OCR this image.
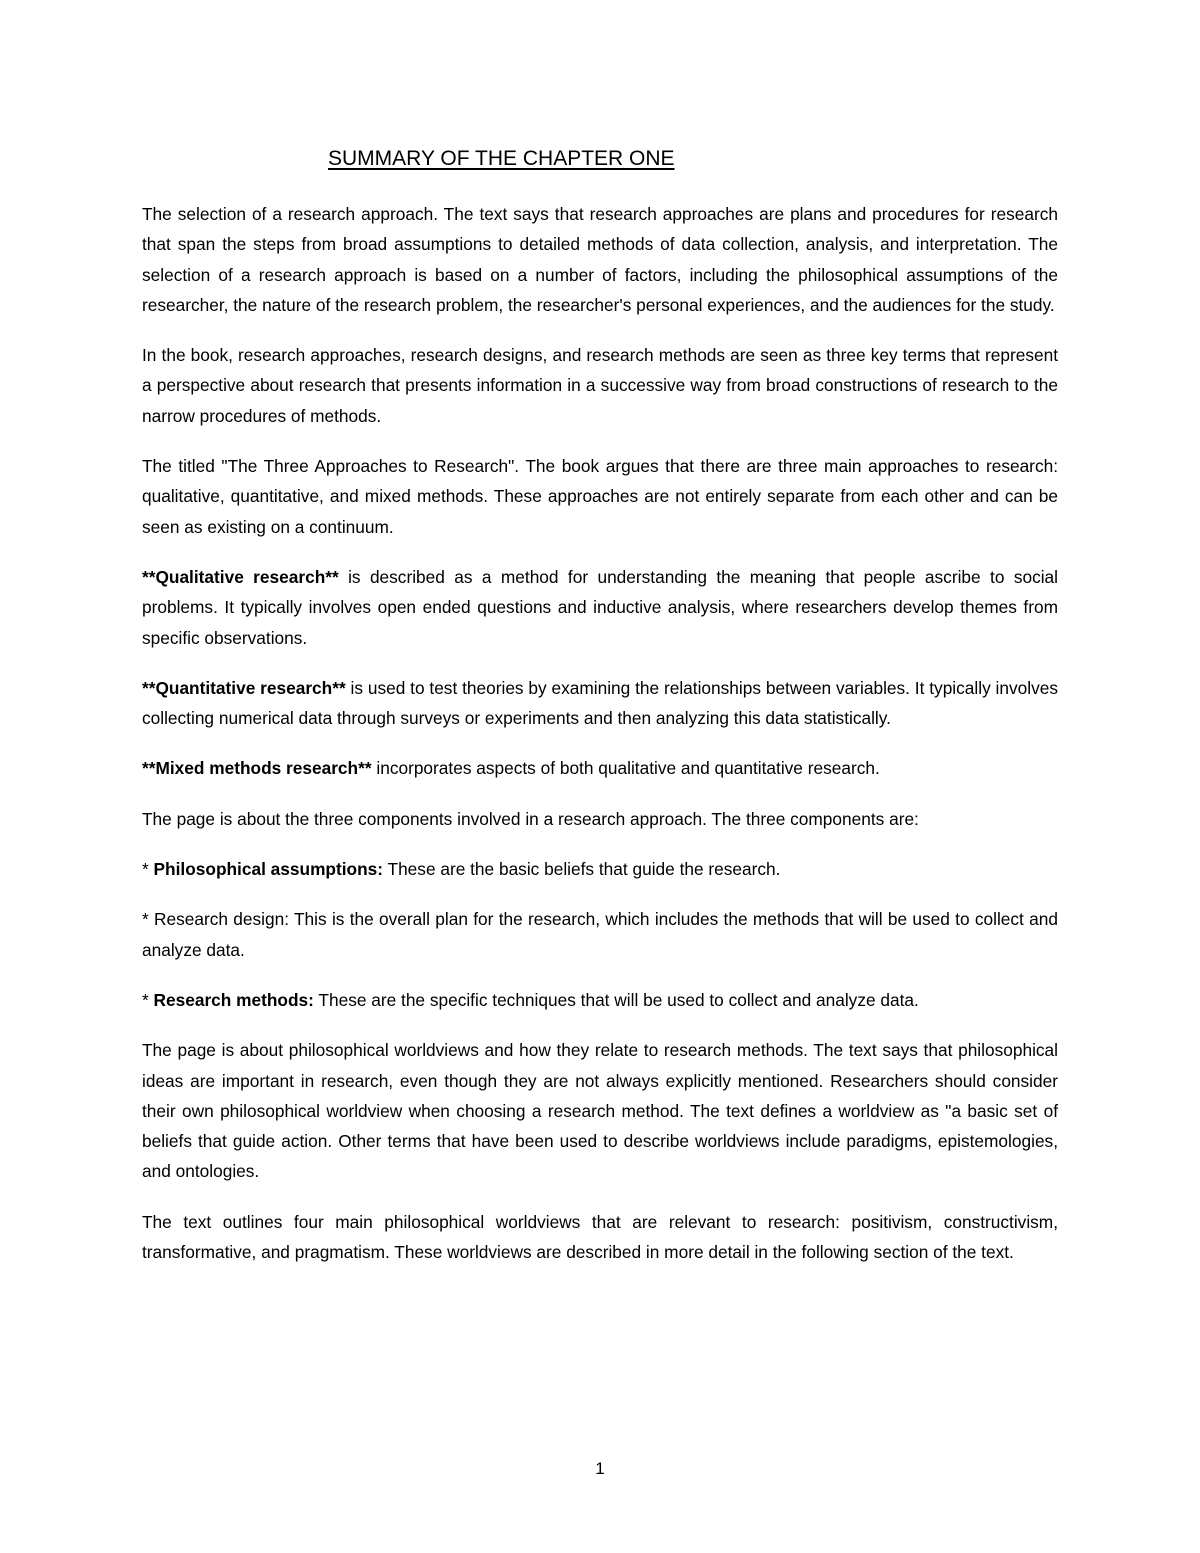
SUMMARY OF THE CHAPTER ONE

The selection of a research approach. The text says that research approaches are plans and procedures for research that span the steps from broad assumptions to detailed methods of data collection, analysis, and interpretation. The selection of a research approach is based on a number of factors, including the philosophical assumptions of the researcher, the nature of the research problem, the researcher's personal experiences, and the audiences for the study.

In the book, research approaches, research designs, and research methods are seen as three key terms that represent a perspective about research that presents information in a successive way from broad constructions of research to the narrow procedures of methods.

The titled "The Three Approaches to Research". The book argues that there are three main approaches to research: qualitative, quantitative, and mixed methods. These approaches are not entirely separate from each other and can be seen as existing on a continuum.

**Qualitative research** is described as a method for understanding the meaning that people ascribe to social problems. It typically involves open ended questions and inductive analysis, where researchers develop themes from specific observations.

**Quantitative research** is used to test theories by examining the relationships between variables. It typically involves collecting numerical data through surveys or experiments and then analyzing this data statistically.

**Mixed methods research** incorporates aspects of both qualitative and quantitative research.

The page is about the three components involved in a research approach. The three components are:

* Philosophical assumptions: These are the basic beliefs that guide the research.

* Research design: This is the overall plan for the research, which includes the methods that will be used to collect and analyze data.

* Research methods: These are the specific techniques that will be used to collect and analyze data.

The page is about philosophical worldviews and how they relate to research methods. The text says that philosophical ideas are important in research, even though they are not always explicitly mentioned. Researchers should consider their own philosophical worldview when choosing a research method. The text defines a worldview as "a basic set of beliefs that guide action. Other terms that have been used to describe worldviews include paradigms, epistemologies, and ontologies.

The text outlines four main philosophical worldviews that are relevant to research: positivism, constructivism, transformative, and pragmatism. These worldviews are described in more detail in the following section of the text.

1
